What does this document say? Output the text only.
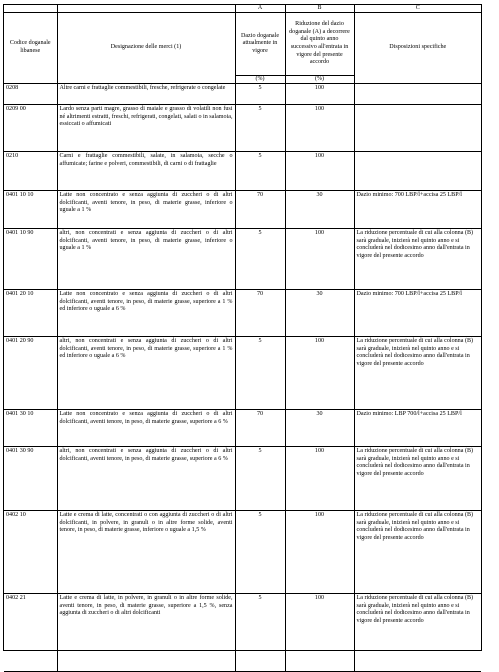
		A	B	C
Codice doganale libanese	Designazione delle merci (1)	Dazio doganale attualmente in vigore	Riduzione del dazio doganale (A) a decorrere dal quinto anno successivo all'entrata in vigore del presente accordo	Disposizioni specifiche
		(%)	(%)	
0208	Altre carni e frattaglie commestibili, fresche, refrigerate o congelate	5	100	
0209 00	Lardo senza parti magre, grasso di maiale e grasso di volatili non fusi né altrimenti estratti, freschi, refrigerati, congelati, salati o in salamoia, essiccati o affumicati	5	100	
0210	Carni e frattaglie commestibili, salate, in salamoia, secche o affumicate; farine e polveri, commestibili, di carni o di frattaglie	5	100	
0401 10 10	Latte non concentrato e senza aggiunta di zuccheri o di altri dolcificanti, aventi tenore, in peso, di materie grasse, inferiore o uguale a 1 %	70	30	Dazio minimo: 700 LBP/l+accisa 25 LBP/l
0401 10 90	altri, non concentrati e senza aggiunta di zuccheri o di altri dolcificanti, aventi tenore, in peso, di materie grasse, inferiore o uguale a 1 %	5	100	La riduzione percentuale di cui alla colonna (B) sarà graduale, inizierà nel quinto anno e si concluderà nel dodicesimo anno dall'entrata in vigore del presente accordo
0401 20 10	Latte non concentrato e senza aggiunta di zuccheri o di altri dolcificanti, aventi tenore, in peso, di materie grasse, superiore a 1 % ed inferiore o uguale a 6 %	70	30	Dazio minimo: 700 LBP/l+accisa 25 LBP/l
0401 20 90	altri, non concentrati e senza aggiunta di zuccheri o di altri dolcificanti, aventi tenore, in peso, di materie grasse, superiore a 1 % ed inferiore o uguale a 6 %	5	100	La riduzione percentuale di cui alla colonna (B) sarà graduale, inizierà nel quinto anno e si concluderà nel dodicesimo anno dall'entrata in vigore del presente accordo
0401 30 10	Latte non concentrato e senza aggiunta di zuccheri o di altri dolcificanti, aventi tenore, in peso, di materie grasse, superiore a 6 %	70	30	Dazio minimo: LBP 700/l+accisa 25 LBP/l
0401 30 90	altri, non concentrati e senza aggiunta di zuccheri o di altri dolcificanti, aventi tenore, in peso, di materie grasse, superiore a 6 %	5	100	La riduzione percentuale di cui alla colonna (B) sarà graduale, inizierà nel quinto anno e si concluderà nel dodicesimo anno dall'entrata in vigore del presente accordo
0402 10	Latte e crema di latte, concentrati o con aggiunta di zuccheri o di altri dolcificanti, in polvere, in granuli o in altre forme solide, aventi tenore, in peso, di materie grasse, inferiore o uguale a 1,5 %	5	100	La riduzione percentuale di cui alla colonna (B) sarà graduale, inizierà nel quinto anno e si concluderà nel dodicesimo anno dall'entrata in vigore del presente accordo
0402 21	Latte e crema di latte, in polvere, in granuli o in altre forme solide, aventi tenore, in peso, di materie grasse, superiore a 1,5 %, senza aggiunta di zuccheri o di altri dolcificanti	5	100	La riduzione percentuale di cui alla colonna (B) sarà graduale, inizierà nel quinto anno e si concluderà nel dodicesimo anno dall'entrata in vigore del presente accordo
